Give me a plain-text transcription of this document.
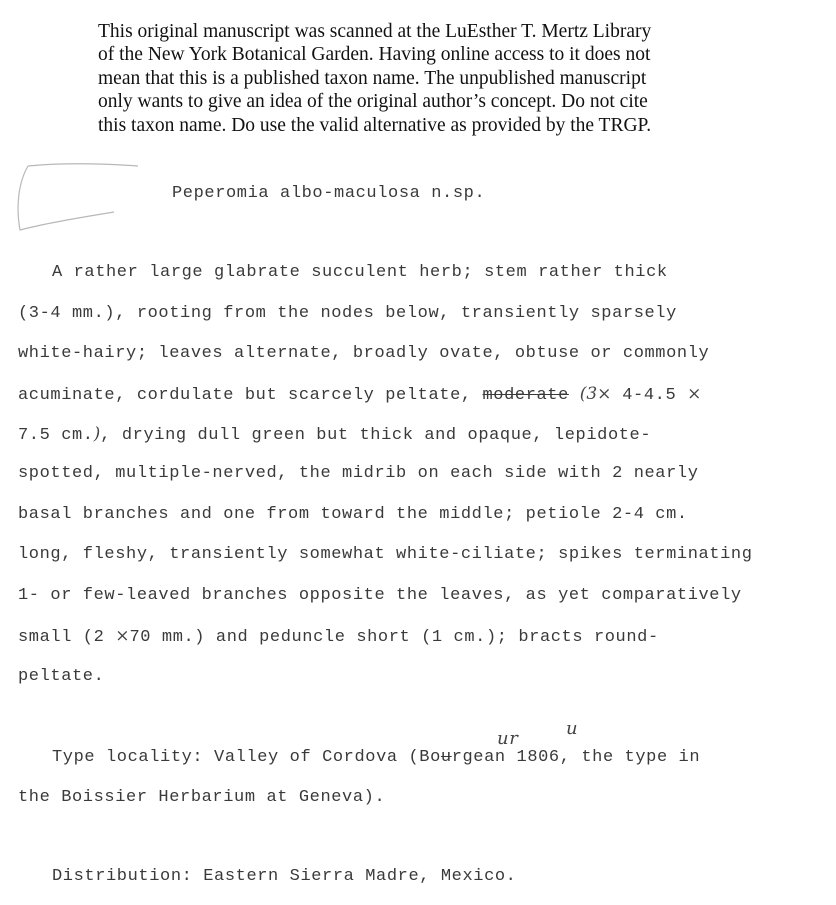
This original manuscript was scanned at the LuEsther T. Mertz Library

of the New York Botanical Garden. Having online access to it does not

mean that this is a published taxon name. The unpublished manuscript

only wants to give an idea of the original author’s concept. Do not cite

this taxon name. Do use the valid alternative as provided by the TRGP.

Peperomia albo-maculosa n.sp.
A rather large glabrate succulent herb; stem rather thick
(3-4 mm.), rooting from the nodes below, transiently sparsely
white-hairy; leaves alternate, broadly ovate, obtuse or commonly
acuminate, cordulate but scarcely peltate, moderate (3× 4-4.5 ×
7.5 cm.), drying dull green but thick and opaque, lepidote-
spotted, multiple-nerved, the midrib on each side with 2 nearly
basal branches and one from toward the middle; petiole 2-4 cm.
long, fleshy, transiently somewhat white-ciliate; spikes terminating
1- or few-leaved branches opposite the leaves, as yet comparatively
small (2 ×70 mm.) and peduncle short (1 cm.); bracts round-
peltate.
ur	u
Type locality: Valley of Cordova (Bourgean 1806, the type in
the Boissier Herbarium at Geneva).
Distribution: Eastern Sierra Madre, Mexico.
